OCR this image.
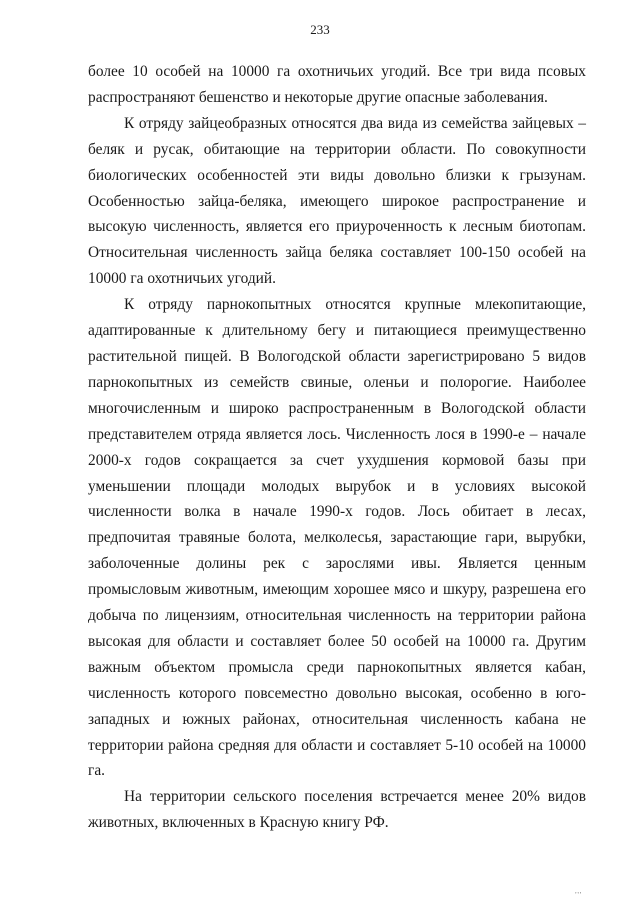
233

более 10 особей на 10000 га охотничьих угодий. Все три вида псовых распространяют бешенство и некоторые другие опасные заболевания.

К отряду зайцеобразных относятся два вида из семейства зайцевых – беляк и русак, обитающие на территории области. По совокупности биологических особенностей эти виды довольно близки к грызунам. Особенностью зайца-беляка, имеющего широкое распространение и высокую численность, является его приуроченность к лесным биотопам. Относительная численность зайца беляка составляет 100-150 особей на 10000 га охотничьих угодий.

К отряду парнокопытных относятся крупные млекопитающие, адаптированные к длительному бегу и питающиеся преимущественно растительной пищей. В Вологодской области зарегистрировано 5 видов парнокопытных из семейств свиные, оленьи и полорогие. Наиболее многочисленным и широко распространенным в Вологодской области представителем отряда является лось. Численность лося в 1990-е – начале 2000-х годов сокращается за счет ухудшения кормовой базы при уменьшении площади молодых вырубок и в условиях высокой численности волка в начале 1990-х годов. Лось обитает в лесах, предпочитая травяные болота, мелколесья, зарастающие гари, вырубки, заболоченные долины рек с зарослями ивы. Является ценным промысловым животным, имеющим хорошее мясо и шкуру, разрешена его добыча по лицензиям, относительная численность на территории района высокая для области и составляет более 50 особей на 10000 га. Другим важным объектом промысла среди парнокопытных является кабан, численность которого повсеместно довольно высокая, особенно в юго-западных и южных районах, относительная численность кабана не территории района средняя для области и составляет 5-10 особей на 10000 га.

На территории сельского поселения встречается менее 20% видов животных, включенных в Красную книгу РФ.

'''
